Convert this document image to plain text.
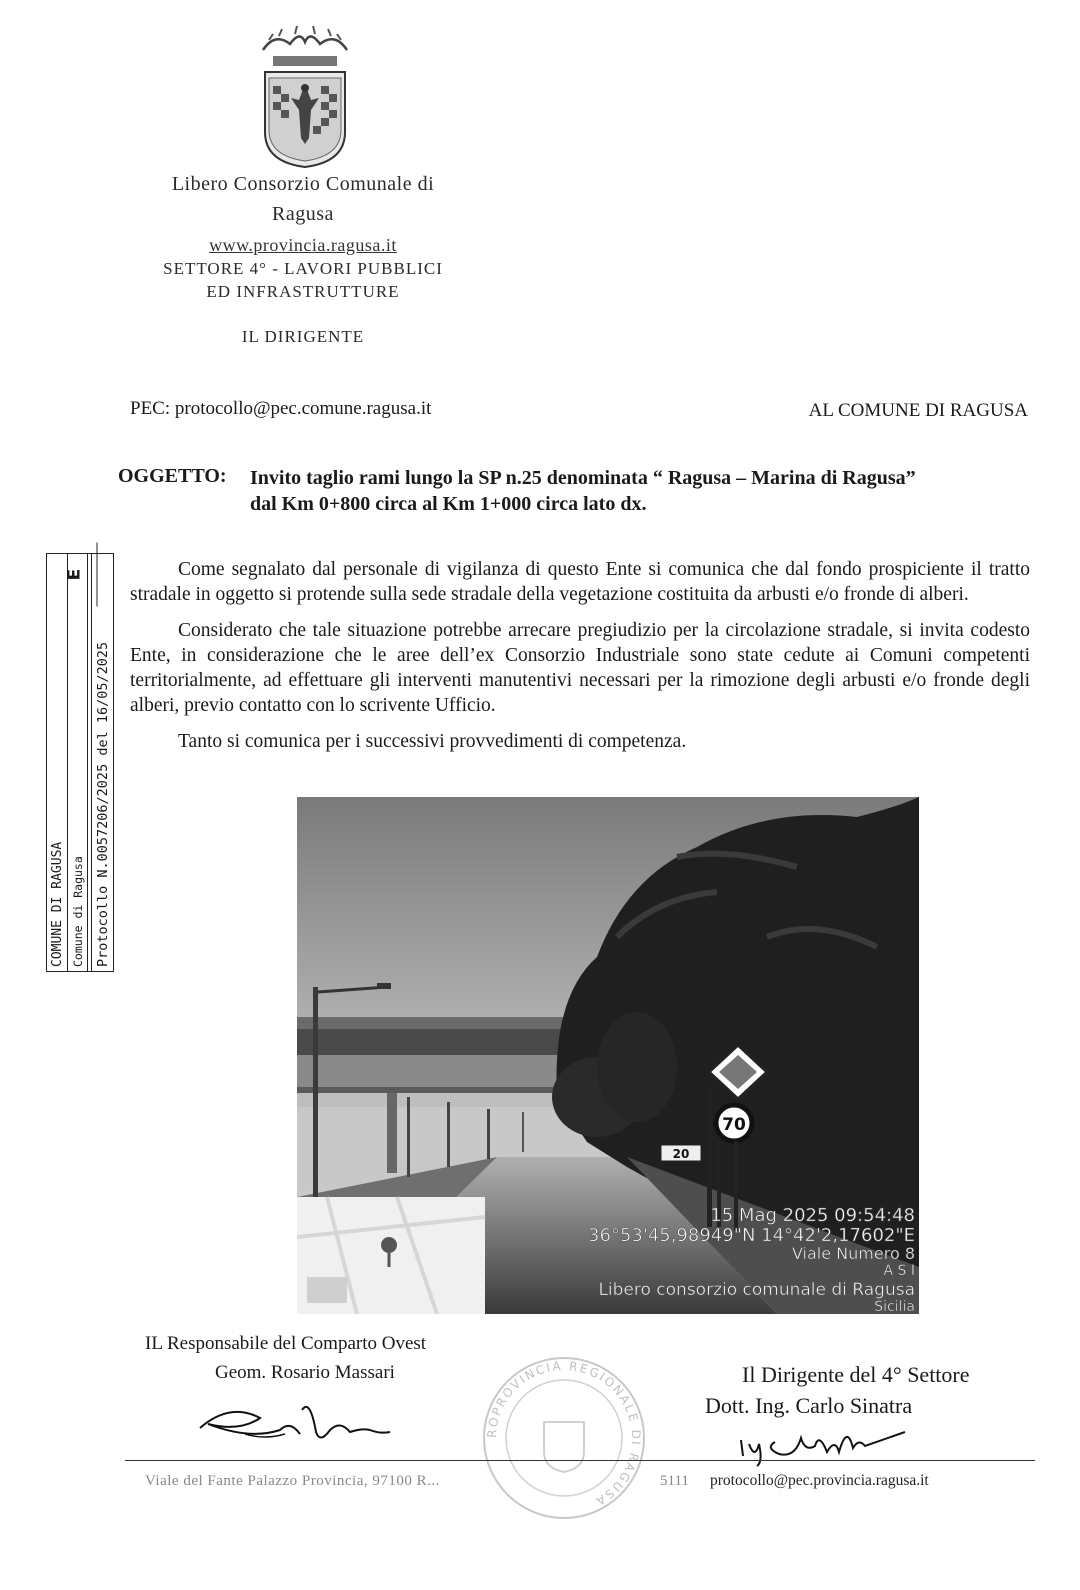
Libero Consorzio Comunale di
Ragusa
www.provincia.ragusa.it
SETTORE 4° - LAVORI PUBBLICI
ED INFRASTRUTTURE
IL DIRIGENTE
PEC: protocollo@pec.comune.ragusa.it	AL COMUNE DI RAGUSA
OGGETTO: Invito taglio rami lungo la SP n.25 denominata “ Ragusa – Marina di Ragusa”
dal Km 0+800 circa al Km 1+000 circa lato dx.
COMUNE DI RAGUSA Comune di Ragusa Protocollo N.0057206/2025 del 16/05/2025
E	Come segnalato dal personale di vigilanza di questo Ente si comunica che dal fondo prospiciente il tratto stradale in oggetto si protende sulla sede stradale della vegetazione costituita da arbusti e/o fronde di alberi.

Considerato che tale situazione potrebbe arrecare pregiudizio per la circolazione stradale, si invita codesto Ente, in considerazione che le aree dell’ex Consorzio Industriale sono state cedute ai Comuni competenti territorialmente, ad effettuare gli interventi manutentivi necessari per la rimozione degli arbusti e/o fronde degli alberi, previo contatto con lo scrivente Ufficio.

Tanto si comunica per i successivi provvedimenti di competenza.

70
20
15 Mag 2025 09:54:48
36°53'45,98949"N 14°42'2,17602"E
Viale Numero 8
A S I
Libero consorzio comunale di Ragusa
Sicilia
IL Responsabile del Comparto Ovest
Geom. Rosario Massari	Il Dirigente del 4° Settore
Dott. Ing. Carlo Sinatra
ROPROVINCIA REGIONALE DI RAGUSA
Viale del Fante Palazzo Provincia, 97100 R...	5111 protocollo@pec.provincia.ragusa.it
